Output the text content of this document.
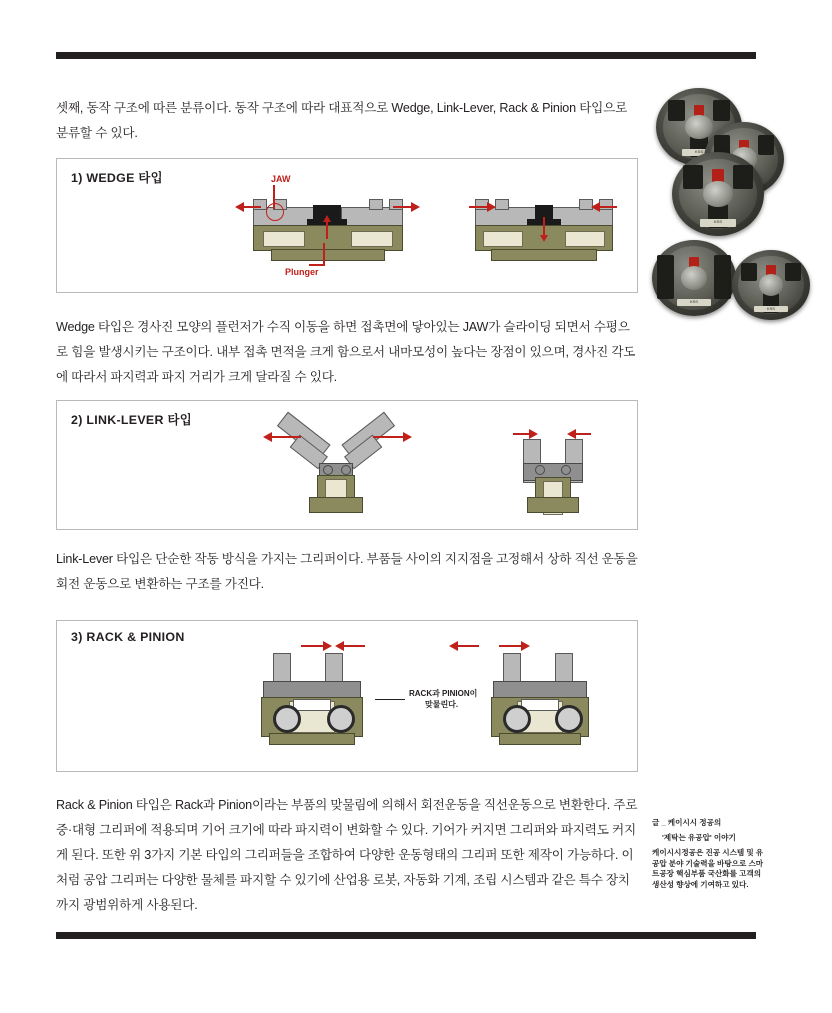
셋째, 동작 구조에 따른 분류이다. 동작 구조에 따라 대표적으로 Wedge, Link-Lever, Rack & Pinion 타입으로 분류할 수 있다.

1) WEDGE 타입	JAW
Plunger

Wedge 타입은 경사진 모양의 플런저가 수직 이동을 하면 접촉면에 닿아있는 JAW가 슬라이딩 되면서 수평으로 힘을 발생시키는 구조이다. 내부 접촉 면적을 크게 함으로서 내마모성이 높다는 장점이 있으며, 경사진 각도에 따라서 파지력과 파지 거리가 크게 달라질 수 있다.

2) LINK-LEVER 타입

Link-Lever 타입은 단순한 작동 방식을 가지는 그리퍼이다. 부품들 사이의 지지점을 고정해서 상하 직선 운동을 회전 운동으로 변환하는 구조를 가진다.

3) RACK & PINION
RACK과 PINION이
맞물린다.

Rack & Pinion 타입은 Rack과 Pinion이라는 부품의 맞물림에 의해서 회전운동을 직선운동으로 변환한다. 주로 중·대형 그리퍼에 적용되며 기어 크기에 따라 파지력이 변화할 수 있다. 기어가 커지면 그리퍼와 파지력도 커지게 된다. 또한 위 3가지 기본 타입의 그리퍼들을 조합하여 다양한 운동형태의 그리퍼 또한 제작이 가능하다. 이처럼 공압 그리퍼는 다양한 물체를 파지할 수 있기에 산업용 로봇, 자동화 기계, 조립 시스템과 같은 특수 장치까지 광범위하게 사용된다.

KSS
KSS
KSS
KSS
글 _ 케이시시 정공의
'제탁는 유공압' 이야기
케이시시정공은 진공 시스템 및 유공압 분야 기술력을 바탕으로 스마트공장 핵심부품 국산화를 고객의 생산성 향상에 기여하고 있다.
